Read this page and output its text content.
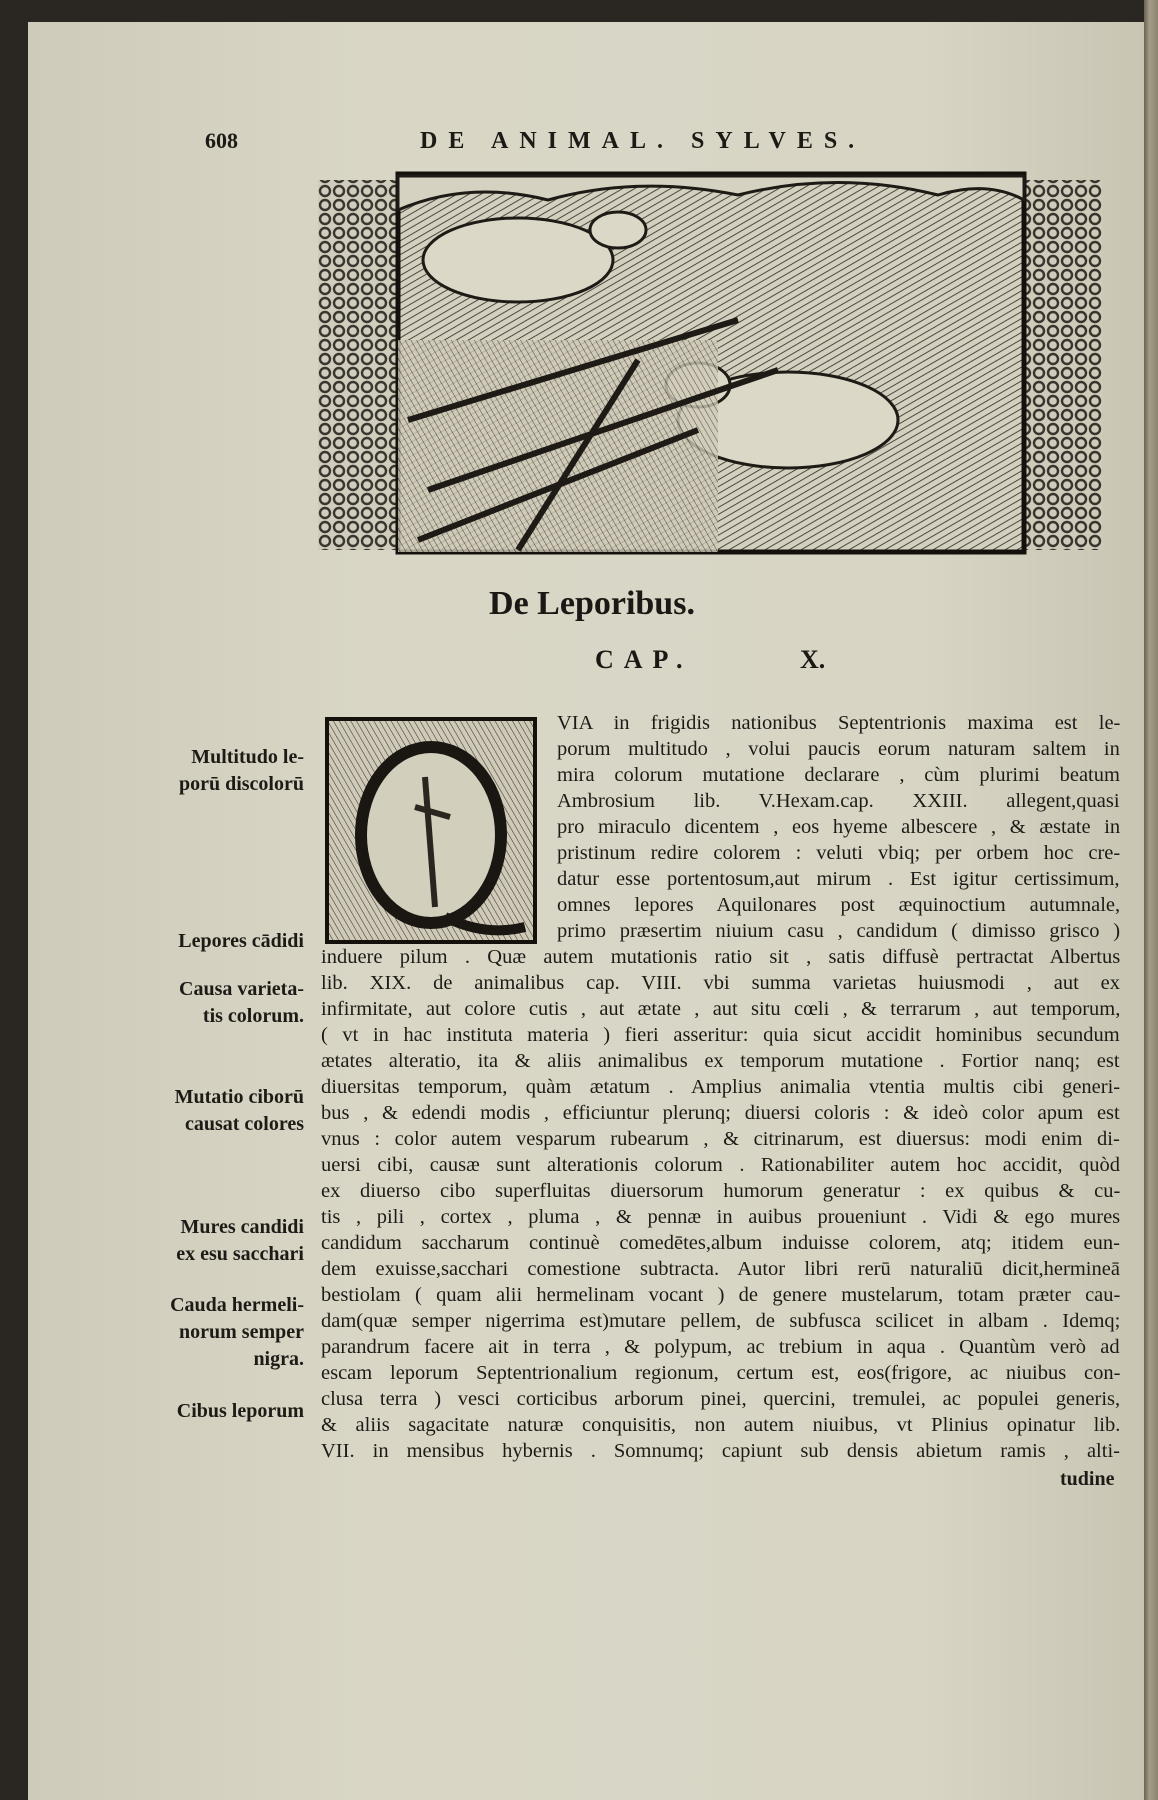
608	DE ANIMAL. SYLVES.
De Leporibus.
CAP.	X.
VIA in frigidis nationibus Septentrionis maxima est le-
porum multitudo , volui paucis eorum naturam saltem in
mira colorum mutatione declarare , cùm plurimi beatum
Ambrosium lib. V.Hexam.cap. XXIII. allegent,quasi
pro miraculo dicentem , eos hyeme albescere , & æstate in
pristinum redire colorem : veluti vbiq; per orbem hoc cre-
datur esse portentosum,aut mirum . Est igitur certissimum,
omnes lepores Aquilonares post æquinoctium autumnale,
primo præsertim niuium casu , candidum ( dimisso grisco )
induere pilum . Quæ autem mutationis ratio sit , satis diffusè pertractat Albertus
lib. XIX. de animalibus cap. VIII. vbi summa varietas huiusmodi , aut ex
infirmitate, aut colore cutis , aut ætate , aut situ cœli , & terrarum , aut temporum,
( vt in hac instituta materia ) fieri asseritur: quia sicut accidit hominibus secundum
ætates alteratio, ita & aliis animalibus ex temporum mutatione . Fortior nanq; est
diuersitas temporum, quàm ætatum . Amplius animalia vtentia multis cibi generi-
bus , & edendi modis , efficiuntur plerunq; diuersi coloris : & ideò color apum est
vnus : color autem vesparum rubearum , & citrinarum, est diuersus: modi enim di-
uersi cibi, causæ sunt alterationis colorum . Rationabiliter autem hoc accidit, quòd
ex diuerso cibo superfluitas diuersorum humorum generatur : ex quibus & cu-
tis , pili , cortex , pluma , & pennæ in auibus proueniunt . Vidi & ego mures
candidum saccharum continuè comedētes,album induisse colorem, atq; itidem eun-
dem exuisse,sacchari comestione subtracta. Autor libri rerū naturaliū dicit,hermineā
bestiolam ( quam alii hermelinam vocant ) de genere mustelarum, totam præter cau-
dam(quæ semper nigerrima est)mutare pellem, de subfusca scilicet in albam . Idemq;
parandrum facere ait in terra , & polypum, ac trebium in aqua . Quantùm verò ad
escam leporum Septentrionalium regionum, certum est, eos(frigore, ac niuibus con-
clusa terra ) vesci corticibus arborum pinei, quercini, tremulei, ac populei generis,
& aliis sagacitate naturæ conquisitis, non autem niuibus, vt Plinius opinatur lib.
VII. in mensibus hybernis . Somnumq; capiunt sub densis abietum ramis , alti-
Multitudo le-
porū discolorū
Lepores cādidi
Causa varieta-
tis colorum.
Mutatio ciborū
causat colores
Mures candidi
ex esu sacchari
Cauda hermeli-
norum semper
nigra.
Cibus leporum
tudine
